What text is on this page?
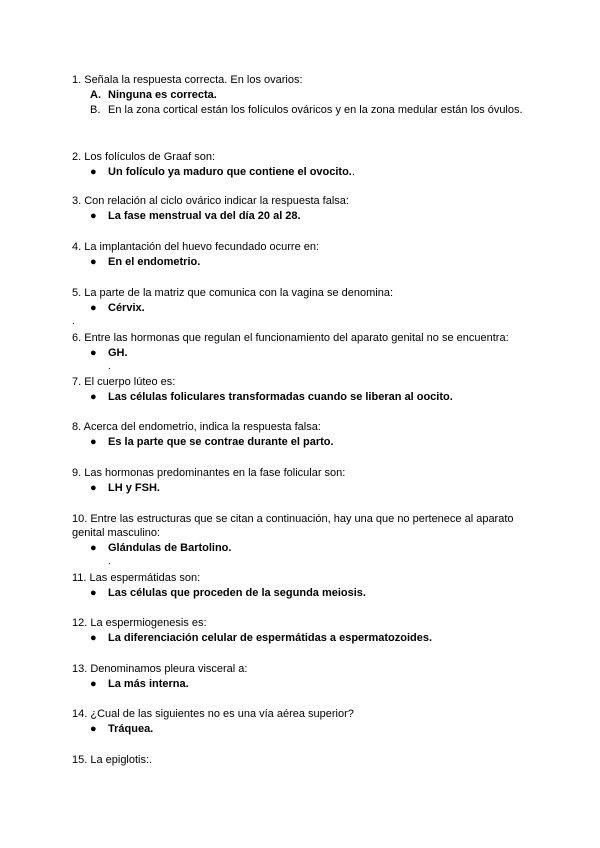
1. Señala la respuesta correcta. En los ovarios:
A. Ninguna es correcta.
B. En la zona cortical están los folículos ováricos y en la zona medular están los óvulos.
2. Los folículos de Graaf son:
● Un folículo ya maduro que contiene el ovocito..
3. Con relación al ciclo ovárico indicar la respuesta falsa:
● La fase menstrual va del día 20 al 28.
4. La implantación del huevo fecundado ocurre en:
● En el endometrio.
5. La parte de la matriz que comunica con la vagina se denomina:
● Cérvix.
.
6. Entre las hormonas que regulan el funcionamiento del aparato genital no se encuentra:
● GH.
.
7. El cuerpo lúteo es:
● Las células foliculares transformadas cuando se liberan al oocito.
8. Acerca del endometrio, indica la respuesta falsa:
● Es la parte que se contrae durante el parto.
9. Las hormonas predominantes en la fase folicular son:
● LH y FSH.
10. Entre las estructuras que se citan a continuación, hay una que no pertenece al aparato genital masculino:
● Glándulas de Bartolino.
.
11. Las espermátidas son:
● Las células que proceden de la segunda meiosis.
12. La espermiogenesis es:
● La diferenciación celular de espermátidas a espermatozoides.
13. Denominamos pleura visceral a:
● La más interna.
14. ¿Cual de las siguientes no es una vía aérea superior?
● Tráquea.
15. La epiglotis:.
